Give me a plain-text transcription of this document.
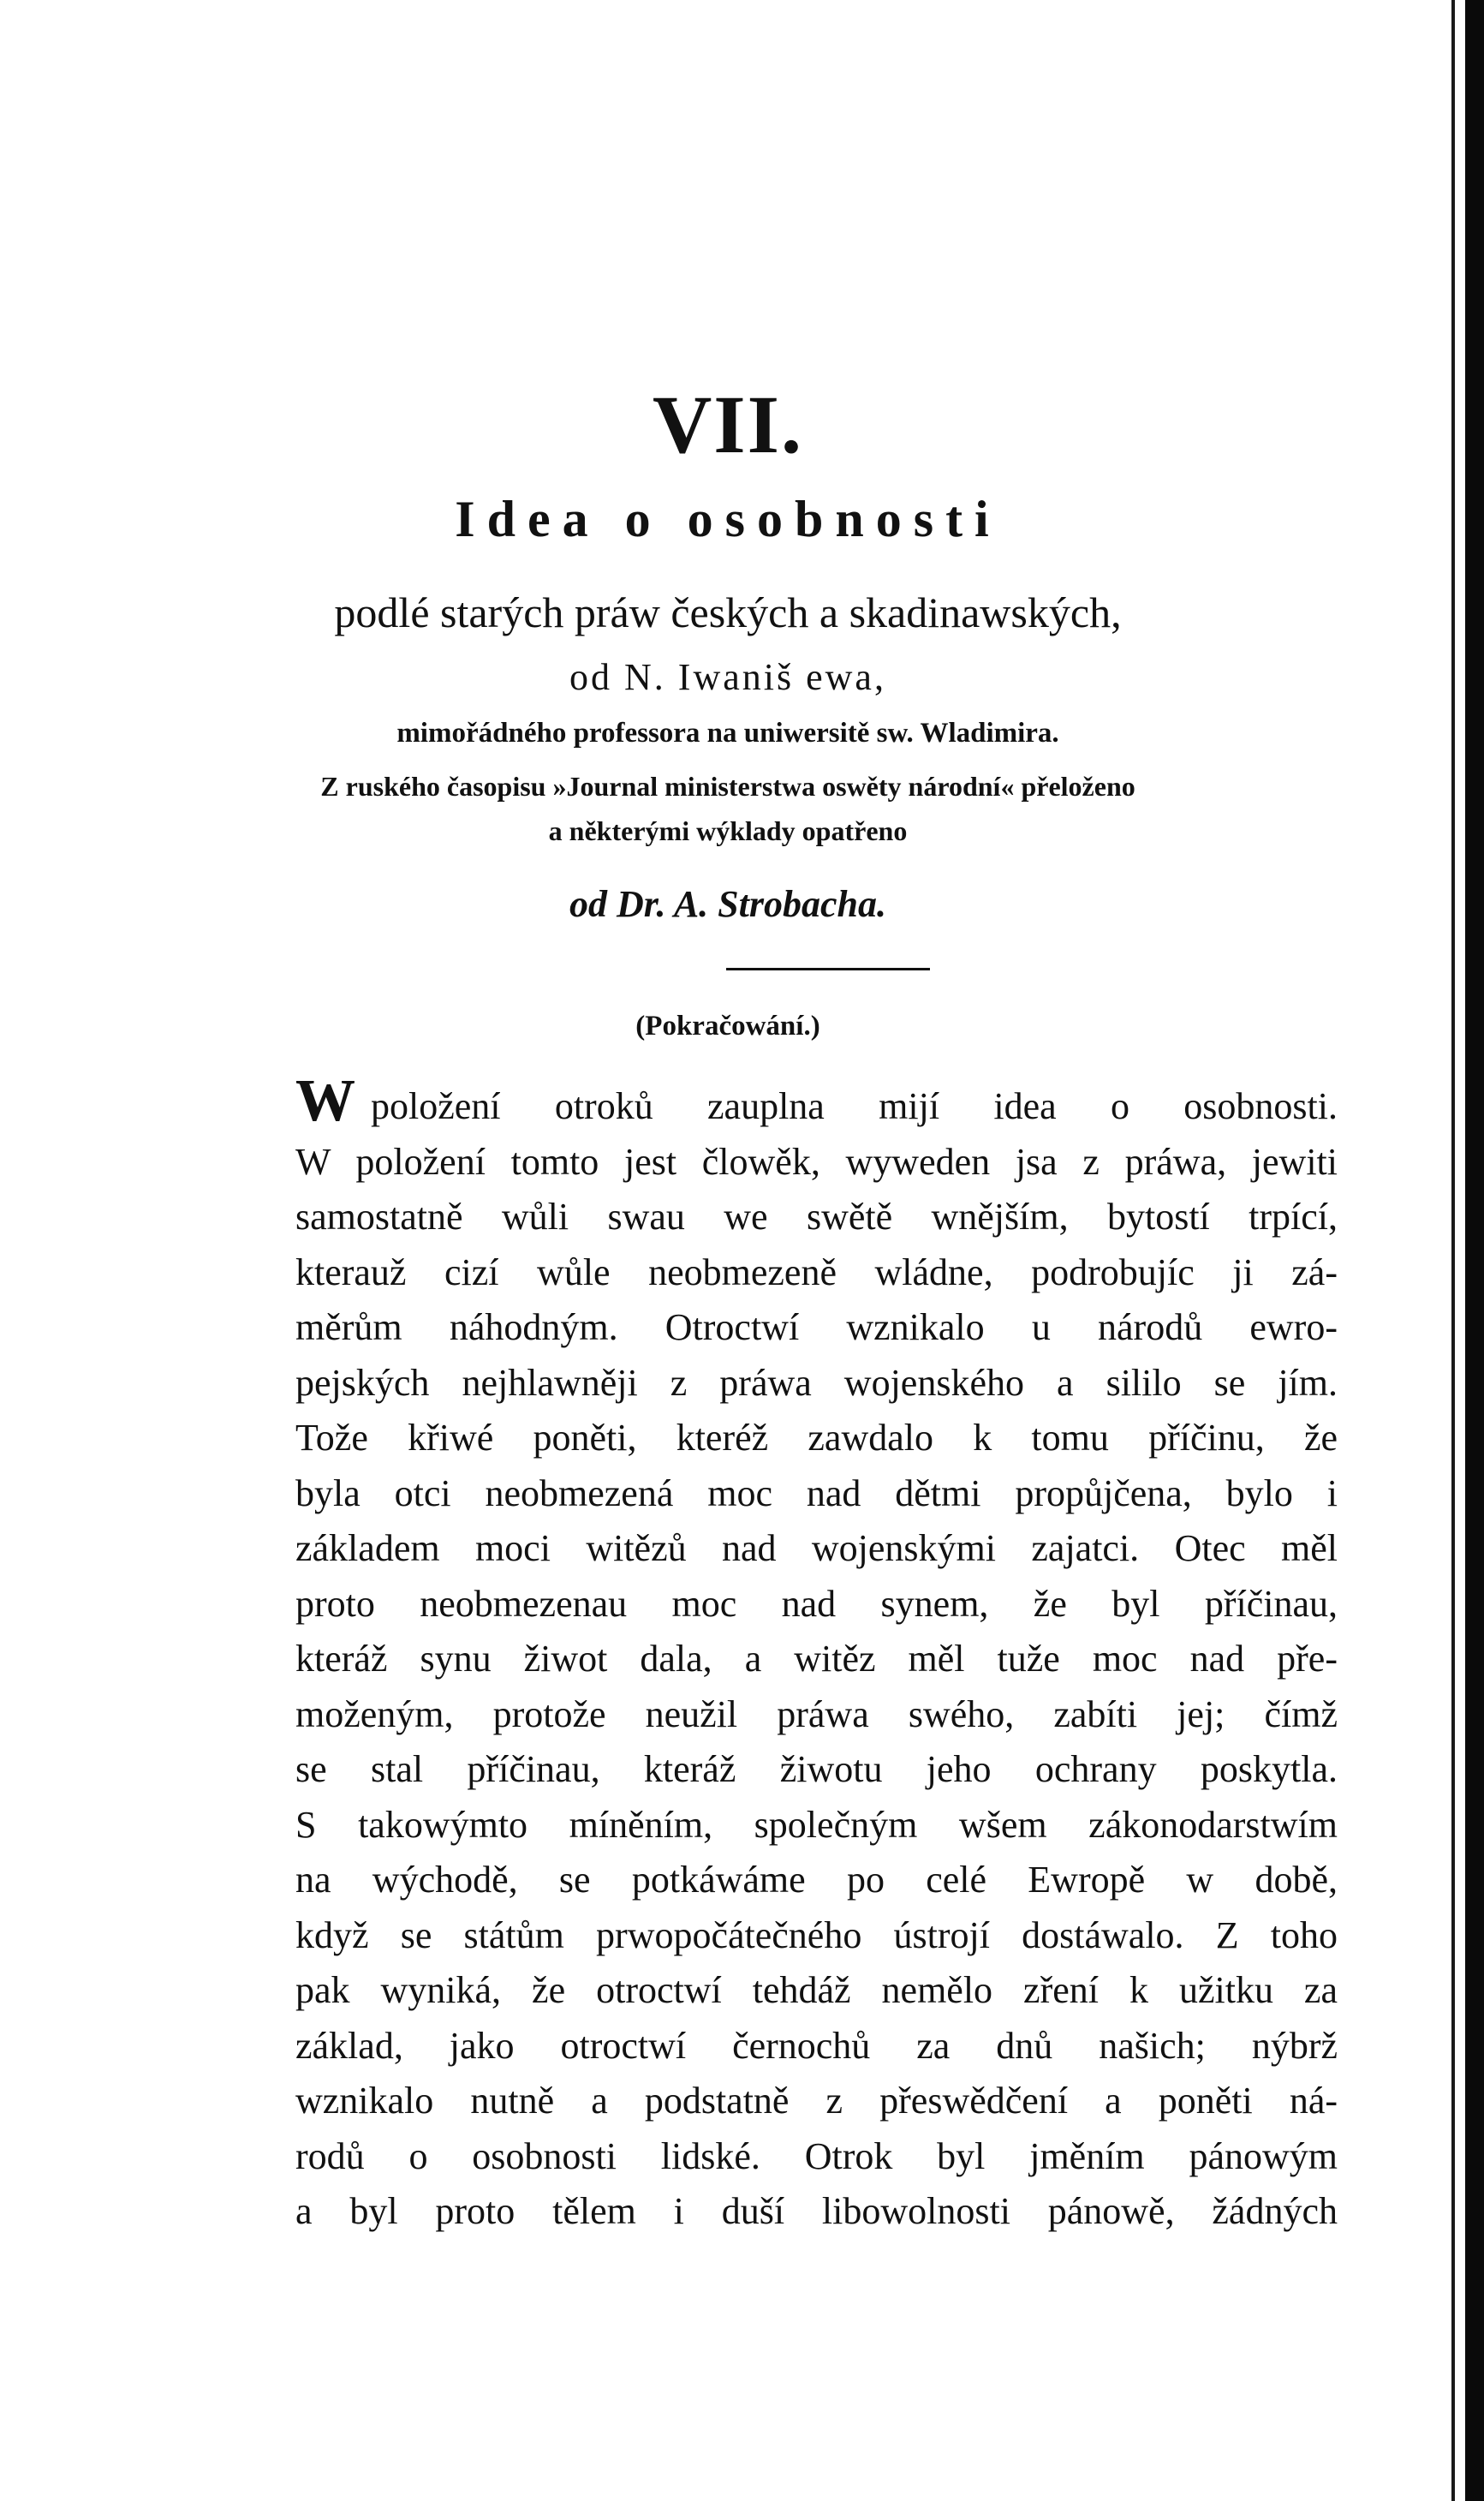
VII.
Idea o osobnosti
podlé starých práw českých a skadinawských,
od N. Iwaniš ewa,
mimořádného professora na uniwersitě sw. Wladimira.
Z ruského časopisu »Journal ministerstwa oswěty národní« přeloženo
a některými wýklady opatřeno
od Dr. A. Strobacha.
(Pokračowání.)
Wpoložení otroků zauplna mijí idea o osobnosti.
W položení tomto jest člowěk, wyweden jsa z práwa, jewiti
samostatně wůli swau we swětě wnějším, bytostí trpící,
kterauž cizí wůle neobmezeně wládne, podrobujíc ji zá-
měrům náhodným. Otroctwí wznikalo u národů ewro-
pejských nejhlawněji z práwa wojenského a sililo se jím.
Tože křiwé poněti, kteréž zawdalo k tomu příčinu, že
byla otci neobmezená moc nad dětmi propůjčena, bylo i
základem moci witězů nad wojenskými zajatci. Otec měl
proto neobmezenau moc nad synem, že byl příčinau,
kteráž synu žiwot dala, a witěz měl tuže moc nad pře-
moženým, protože neužil práwa swého, zabíti jej; čímž
se stal příčinau, kteráž žiwotu jeho ochrany poskytla.
S takowýmto míněním, společným wšem zákonodarstwím
na wýchodě, se potkáwáme po celé Ewropě w době,
když se státům prwopočátečného ústrojí dostáwalo. Z toho
pak wyniká, že otroctwí tehdáž nemělo zření k užitku za
základ, jako otroctwí černochů za dnů našich; nýbrž
wznikalo nutně a podstatně z přeswědčení a poněti ná-
rodů o osobnosti lidské. Otrok byl jměním pánowým
a byl proto tělem i duší libowolnosti pánowě, žádných
